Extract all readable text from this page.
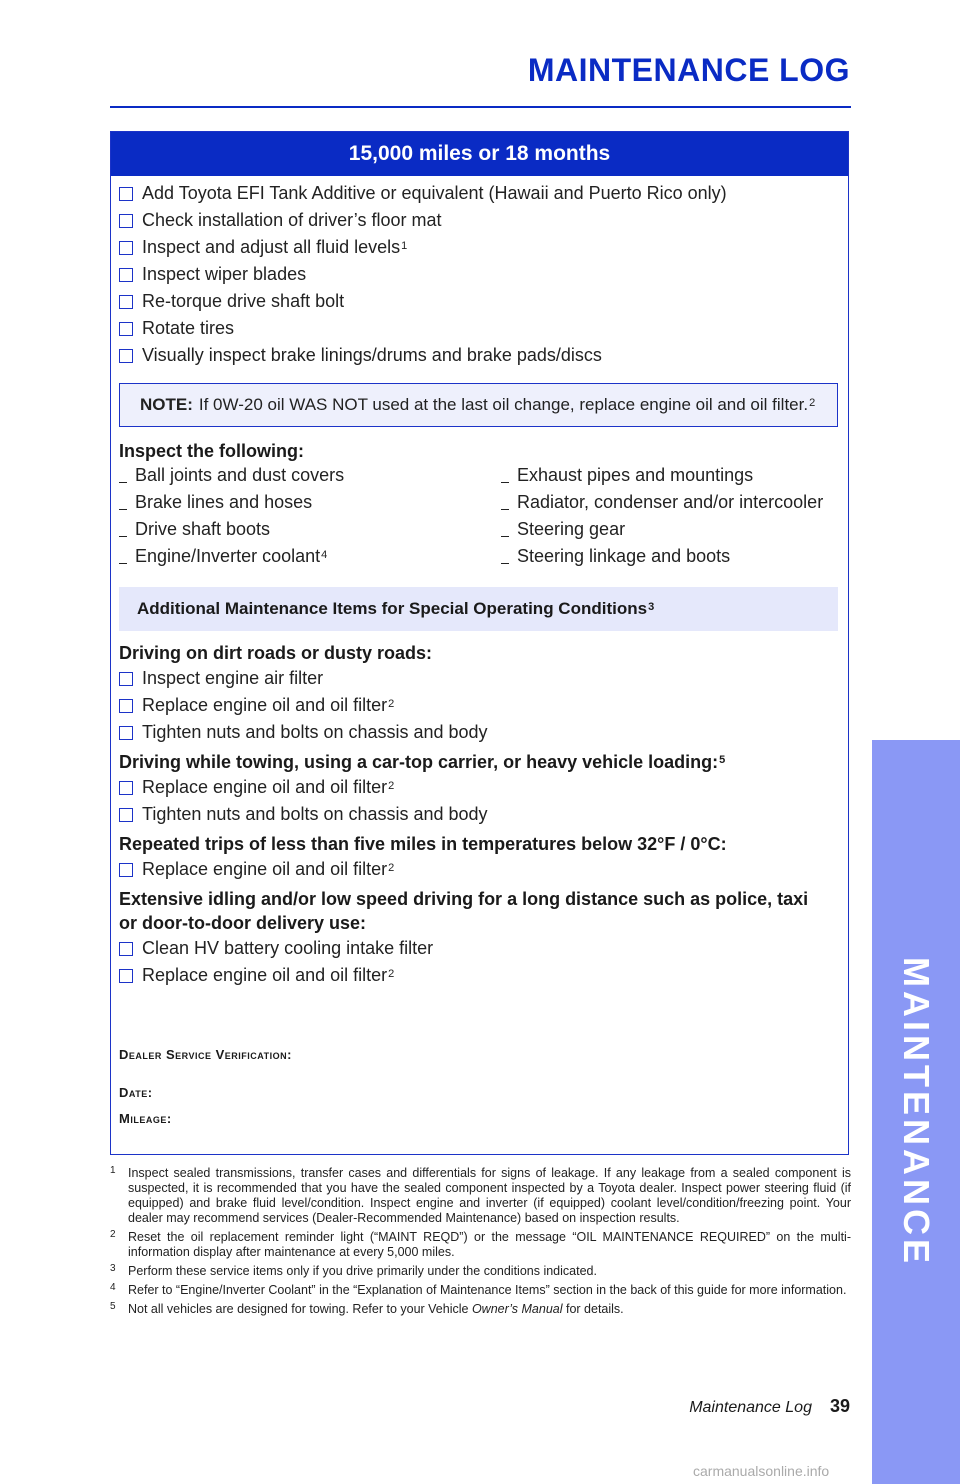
MAINTENANCE LOG
15,000 miles or 18 months
Add Toyota EFI Tank Additive or equivalent (Hawaii and Puerto Rico only)
Check installation of driver’s floor mat
Inspect and adjust all fluid levels$^1$
Inspect wiper blades
Re-torque drive shaft bolt
Rotate tires
Visually inspect brake linings/drums and brake pads/discs
NOTE: If 0W-20 oil WAS NOT used at the last oil change, replace engine oil and oil filter.$^2$
Inspect the following:
Ball joints and dust covers
Brake lines and hoses
Drive shaft boots
Engine/Inverter coolant$^4$
Exhaust pipes and mountings
Radiator, condenser and/or intercooler
Steering gear
Steering linkage and boots
Additional Maintenance Items for Special Operating Conditions$^3$
Driving on dirt roads or dusty roads:
Inspect engine air filter
Replace engine oil and oil filter$^2$
Tighten nuts and bolts on chassis and body
Driving while towing, using a car-top carrier, or heavy vehicle loading:$^5$
Replace engine oil and oil filter$^2$
Tighten nuts and bolts on chassis and body
Repeated trips of less than five miles in temperatures below 32°F / 0°C:
Replace engine oil and oil filter$^2$
Extensive idling and/or low speed driving for a long distance such as police, taxi or door-to-door delivery use:
Clean HV battery cooling intake filter
Replace engine oil and oil filter$^2$
Dealer Service Verification:
Date:
Mileage:
1 Inspect sealed transmissions, transfer cases and differentials for signs of leakage. If any leakage from a sealed component is suspected, it is recommended that you have the sealed component inspected by a Toyota dealer. Inspect power steering fluid (if equipped) and brake fluid level/condition. Inspect engine and inverter (if equipped) coolant level/condition/freezing point. Your dealer may recommend services (Dealer-Recommended Maintenance) based on inspection results.
2 Reset the oil replacement reminder light (“MAINT REQD”) or the message “OIL MAINTENANCE REQUIRED” on the multi-information display after maintenance at every 5,000 miles.
3 Perform these service items only if you drive primarily under the conditions indicated.
4 Refer to “Engine/Inverter Coolant” in the “Explanation of Maintenance Items” section in the back of this guide for more information.
5 Not all vehicles are designed for towing. Refer to your Vehicle Owner’s Manual for details.
Maintenance Log 39
MAINTENANCE
carmanualsonline.info
